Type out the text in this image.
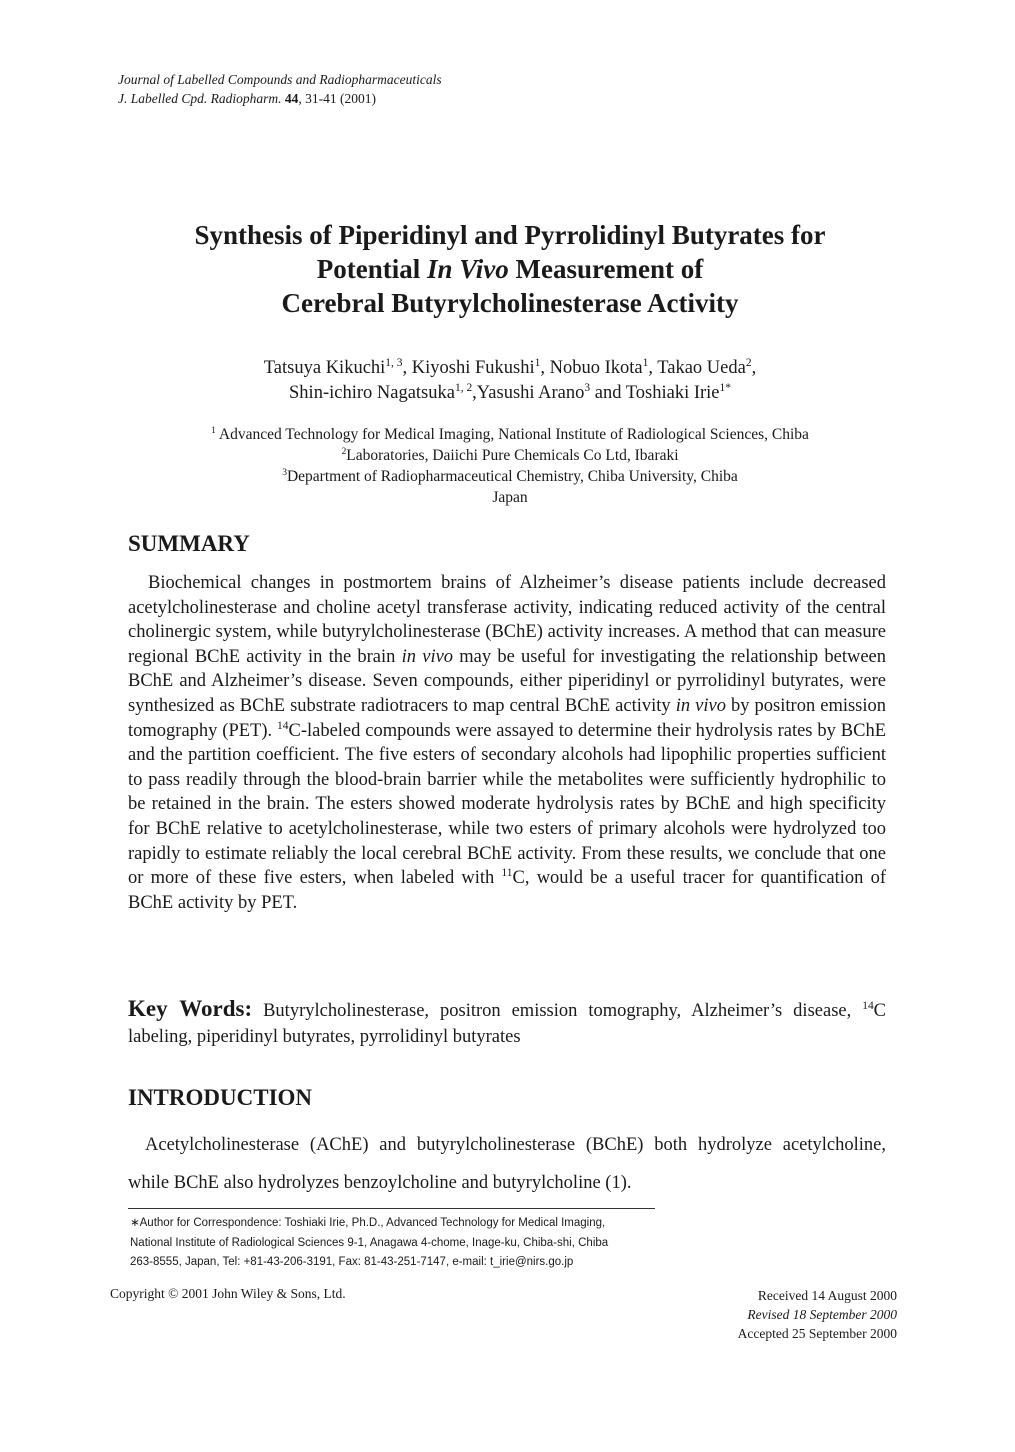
Journal of Labelled Compounds and Radiopharmaceuticals
J. Labelled Cpd. Radiopharm. 44, 31-41 (2001)
Synthesis of Piperidinyl and Pyrrolidinyl Butyrates for
Potential In Vivo Measurement of
Cerebral Butyrylcholinesterase Activity
Tatsuya Kikuchi$^{1, 3}$, Kiyoshi Fukushi$^1$, Nobuo Ikota$^1$, Takao Ueda$^2$,
Shin-ichiro Nagatsuka$^{1, 2}$,Yasushi Arano$^3$ and Toshiaki Irie$^{1*}$
$^1$ Advanced Technology for Medical Imaging, National Institute of Radiological Sciences, Chiba
$^2$Laboratories, Daiichi Pure Chemicals Co Ltd, Ibaraki
$^3$Department of Radiopharmaceutical Chemistry, Chiba University, Chiba
Japan
SUMMARY

Biochemical changes in postmortem brains of Alzheimer’s disease patients include decreased acetylcholinesterase and choline acetyl transferase activity, indicating reduced activity of the central cholinergic system, while butyrylcholinesterase (BChE) activity increases. A method that can measure regional BChE activity in the brain in vivo may be useful for investigating the relationship between BChE and Alzheimer’s disease. Seven compounds, either piperidinyl or pyrrolidinyl butyrates, were synthesized as BChE substrate radiotracers to map central BChE activity in vivo by positron emission tomography (PET). $^{14}$C-labeled compounds were assayed to determine their hydrolysis rates by BChE and the partition coefficient. The five esters of secondary alcohols had lipophilic properties sufficient to pass readily through the blood-brain barrier while the metabolites were sufficiently hydrophilic to be retained in the brain. The esters showed moderate hydrolysis rates by BChE and high specificity for BChE relative to acetylcholinesterase, while two esters of primary alcohols were hydrolyzed too rapidly to estimate reliably the local cerebral BChE activity. From these results, we conclude that one or more of these five esters, when labeled with $^{11}$C, would be a useful tracer for quantification of BChE activity by PET.

Key Words: Butyrylcholinesterase, positron emission tomography, Alzheimer’s disease, $^{14}$C labeling, piperidinyl butyrates, pyrrolidinyl butyrates
INTRODUCTION

Acetylcholinesterase (AChE) and butyrylcholinesterase (BChE) both hydrolyze acetylcholine, while BChE also hydrolyzes benzoylcholine and butyrylcholine (1).

∗Author for Correspondence: Toshiaki Irie, Ph.D., Advanced Technology for Medical Imaging,
National Institute of Radiological Sciences 9-1, Anagawa 4-chome, Inage-ku, Chiba-shi, Chiba
263-8555, Japan, Tel: +81-43-206-3191, Fax: 81-43-251-7147, e-mail: t_irie@nirs.go.jp
Copyright © 2001 John Wiley & Sons, Ltd.	Received 14 August 2000
Revised 18 September 2000
Accepted 25 September 2000
